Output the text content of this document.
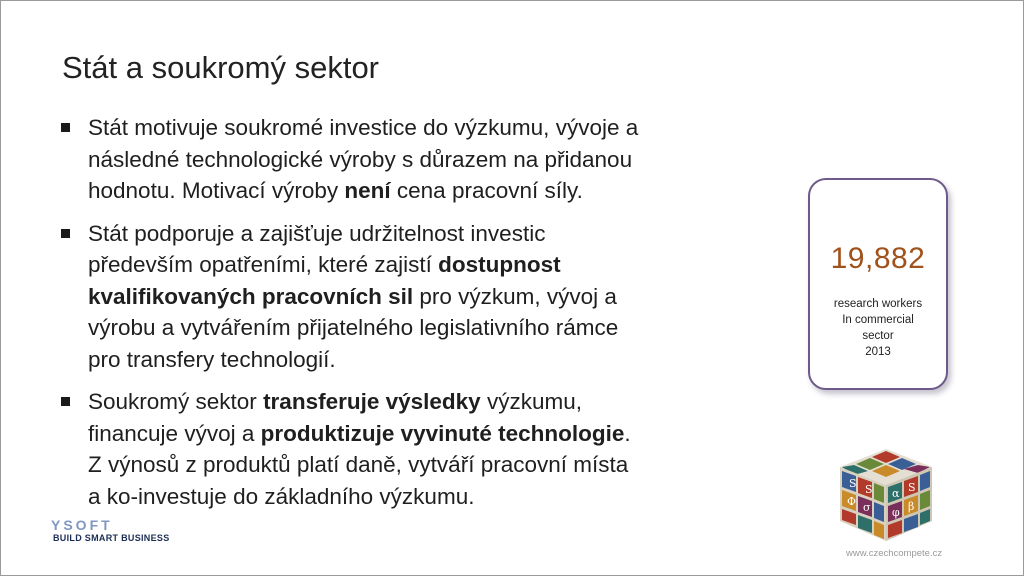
Stát a soukromý sektor
Stát motivuje soukromé investice do výzkumu, vývoje a
následné technologické výroby s důrazem na přidanou
hodnotu. Motivací výroby není cena pracovní síly.
Stát podporuje a zajišťuje udržitelnost investic
především opatřeními, které zajistí dostupnost
kvalifikovaných pracovních sil pro výzkum, vývoj a
výrobu a vytvářením přijatelného legislativního rámce
pro transfery technologií.
Soukromý sektor transferuje výsledky výzkumu,
financuje vývoj a produktizuje vyvinuté technologie.
Z výnosů z produktů platí daně, vytváří pracovní místa
a ko-investuje do základního výzkumu.
19,882
research workers
In commercial
sector
2013
YSOFT
BUILD SMART BUSINESS
S S
Φ σ
α S
φ β
www.czechcompete.cz
